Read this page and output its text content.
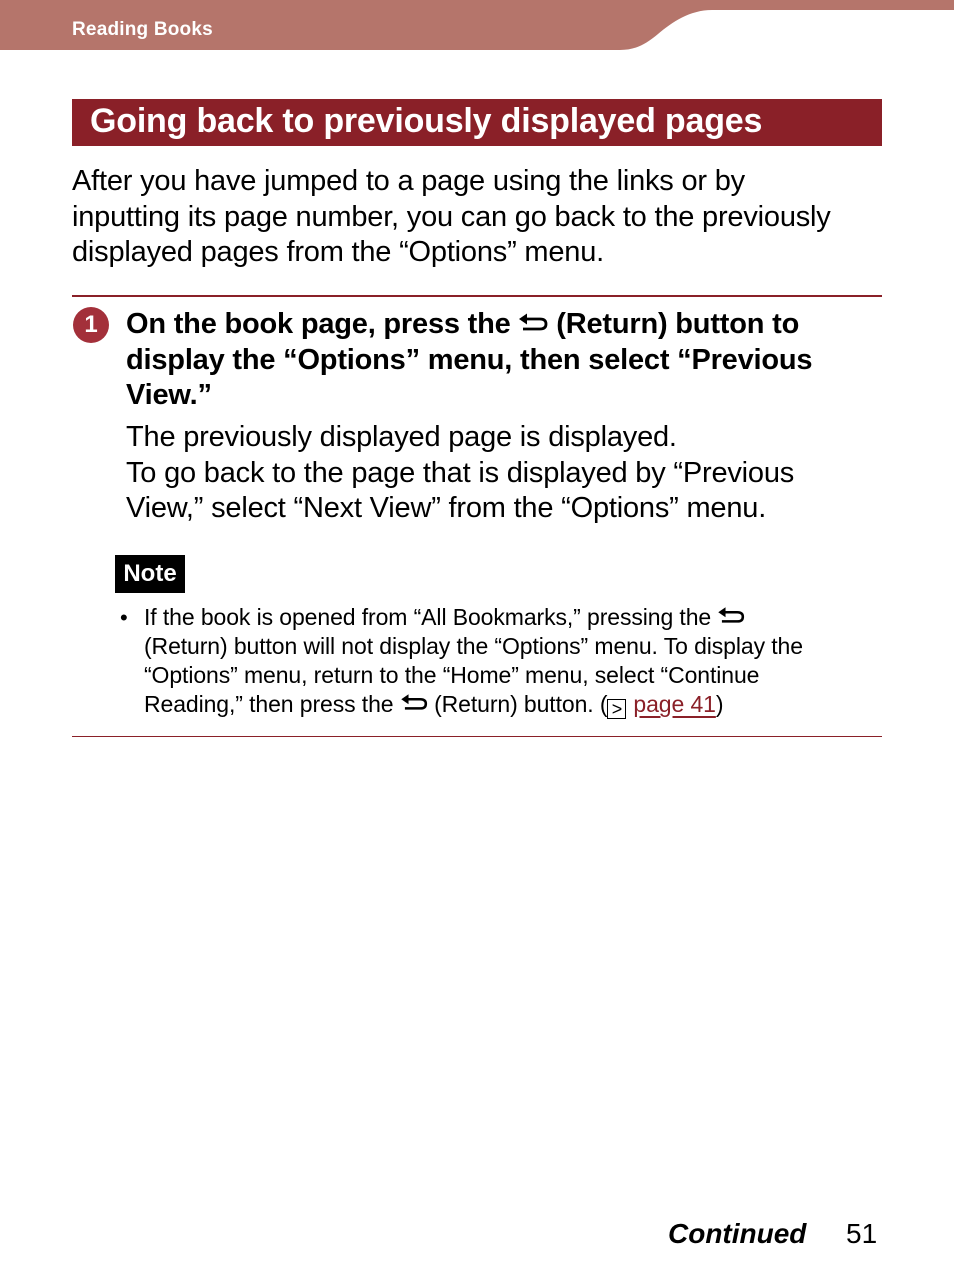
Reading Books
Going back to previously displayed pages
After you have jumped to a page using the links or by
inputting its page number, you can go back to the previously
displayed pages from the “Options” menu.
1 On the book page, press the (Return) button to
display the “Options” menu, then select “Previous
View.”
The previously displayed page is displayed.
To go back to the page that is displayed by “Previous
View,” select “Next View” from the “Options” menu.
Note
• If the book is opened from “All Bookmarks,” pressing the
(Return) button will not display the “Options” menu. To display the
“Options” menu, return to the “Home” menu, select “Continue
Reading,” then press the (Return) button. ( > page 41)
Continued 51
